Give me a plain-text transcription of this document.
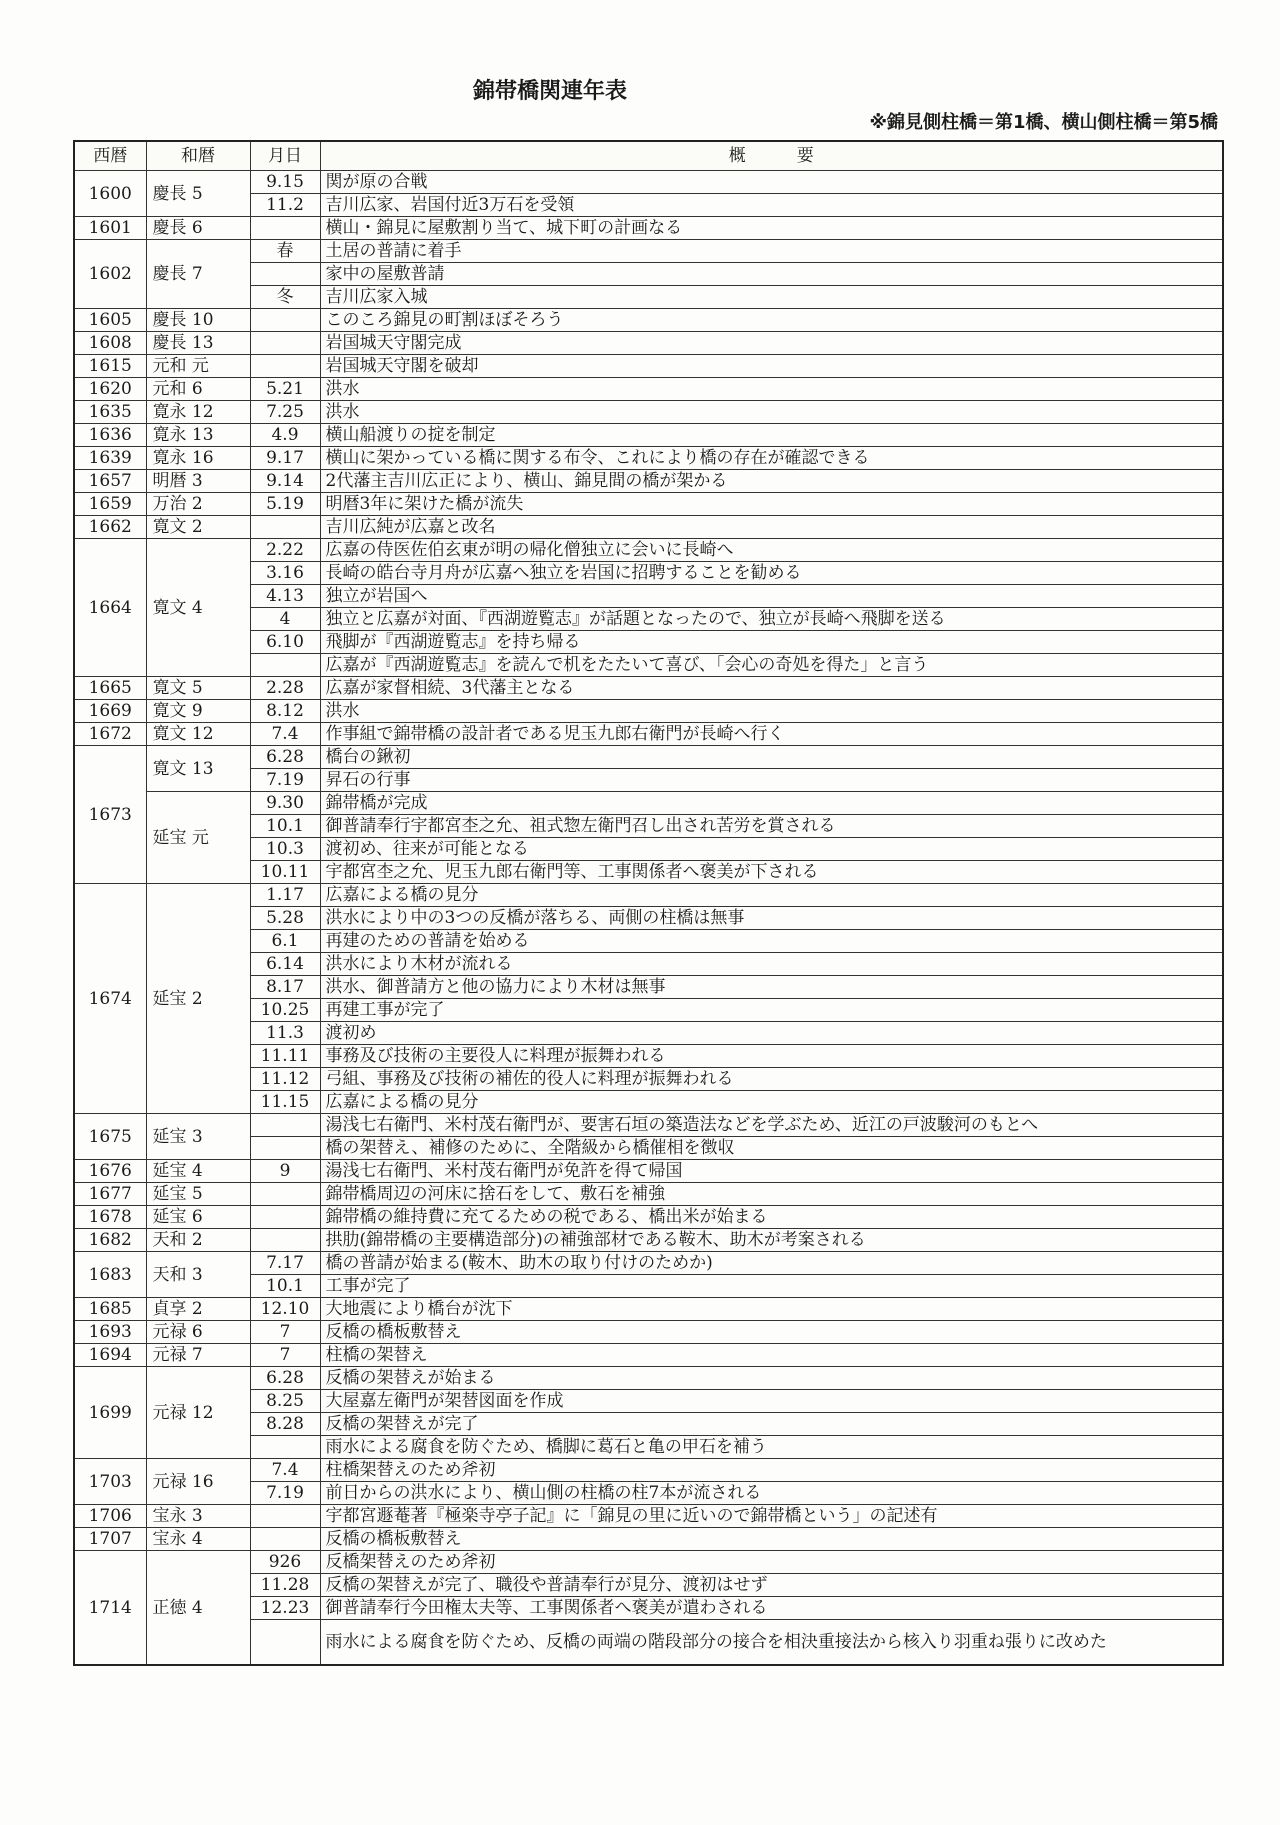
錦帯橋関連年表
※錦見側柱橋＝第1橋、横山側柱橋＝第5橋
西暦	和暦	月日	概　　　要
1600	慶長 5	9.15	関が原の合戦
		11.2	吉川広家、岩国付近3万石を受領
1601	慶長 6		横山・錦見に屋敷割り当て、城下町の計画なる
1602	慶長 7	春	土居の普請に着手
			家中の屋敷普請
		冬	吉川広家入城
1605	慶長 10		このころ錦見の町割ほぼそろう
1608	慶長 13		岩国城天守閣完成
1615	元和 元		岩国城天守閣を破却
1620	元和 6	5.21	洪水
1635	寛永 12	7.25	洪水
1636	寛永 13	4.9	横山船渡りの掟を制定
1639	寛永 16	9.17	横山に架かっている橋に関する布令、これにより橋の存在が確認できる
1657	明暦 3	9.14	2代藩主吉川広正により、横山、錦見間の橋が架かる
1659	万治 2	5.19	明暦3年に架けた橋が流失
1662	寛文 2		吉川広純が広嘉と改名
1664	寛文 4	2.22	広嘉の侍医佐伯玄東が明の帰化僧独立に会いに長崎へ
		3.16	長崎の皓台寺月舟が広嘉へ独立を岩国に招聘することを勧める
		4.13	独立が岩国へ
		4	独立と広嘉が対面、『西湖遊覧志』が話題となったので、独立が長崎へ飛脚を送る
		6.10	飛脚が『西湖遊覧志』を持ち帰る
			広嘉が『西湖遊覧志』を読んで机をたたいて喜び、「会心の奇処を得た」と言う
1665	寛文 5	2.28	広嘉が家督相続、3代藩主となる
1669	寛文 9	8.12	洪水
1672	寛文 12	7.4	作事組で錦帯橋の設計者である児玉九郎右衛門が長崎へ行く
1673	寛文 13	6.28	橋台の鍬初
		7.19	昇石の行事
	延宝 元	9.30	錦帯橋が完成
		10.1	御普請奉行宇都宮杢之允、祖式惣左衛門召し出され苦労を賞される
		10.3	渡初め、往来が可能となる
		10.11	宇都宮杢之允、児玉九郎右衛門等、工事関係者へ褒美が下される
1674	延宝 2	1.17	広嘉による橋の見分
		5.28	洪水により中の3つの反橋が落ちる、両側の柱橋は無事
		6.1	再建のための普請を始める
		6.14	洪水により木材が流れる
		8.17	洪水、御普請方と他の協力により木材は無事
		10.25	再建工事が完了
		11.3	渡初め
		11.11	事務及び技術の主要役人に料理が振舞われる
		11.12	弓組、事務及び技術の補佐的役人に料理が振舞われる
		11.15	広嘉による橋の見分
1675	延宝 3		湯浅七右衛門、米村茂右衛門が、要害石垣の築造法などを学ぶため、近江の戸波駿河のもとへ
			橋の架替え、補修のために、全階級から橋催相を徴収
1676	延宝 4	9	湯浅七右衛門、米村茂右衛門が免許を得て帰国
1677	延宝 5		錦帯橋周辺の河床に捨石をして、敷石を補強
1678	延宝 6		錦帯橋の維持費に充てるための税である、橋出米が始まる
1682	天和 2		拱肋(錦帯橋の主要構造部分)の補強部材である鞍木、助木が考案される
1683	天和 3	7.17	橋の普請が始まる(鞍木、助木の取り付けのためか)
		10.1	工事が完了
1685	貞享 2	12.10	大地震により橋台が沈下
1693	元禄 6	7	反橋の橋板敷替え
1694	元禄 7	7	柱橋の架替え
1699	元禄 12	6.28	反橋の架替えが始まる
		8.25	大屋嘉左衛門が架替図面を作成
		8.28	反橋の架替えが完了
			雨水による腐食を防ぐため、橋脚に葛石と亀の甲石を補う
1703	元禄 16	7.4	柱橋架替えのため斧初
		7.19	前日からの洪水により、横山側の柱橋の柱7本が流される
1706	宝永 3		宇都宮遯菴著『極楽寺亭子記』に「錦見の里に近いので錦帯橋という」の記述有
1707	宝永 4		反橋の橋板敷替え
1714	正徳 4	926	反橋架替えのため斧初
		11.28	反橋の架替えが完了、職役や普請奉行が見分、渡初はせず
		12.23	御普請奉行今田権太夫等、工事関係者へ褒美が遣わされる
			雨水による腐食を防ぐため、反橋の両端の階段部分の接合を相決重接法から核入り羽重ね張りに改めた
